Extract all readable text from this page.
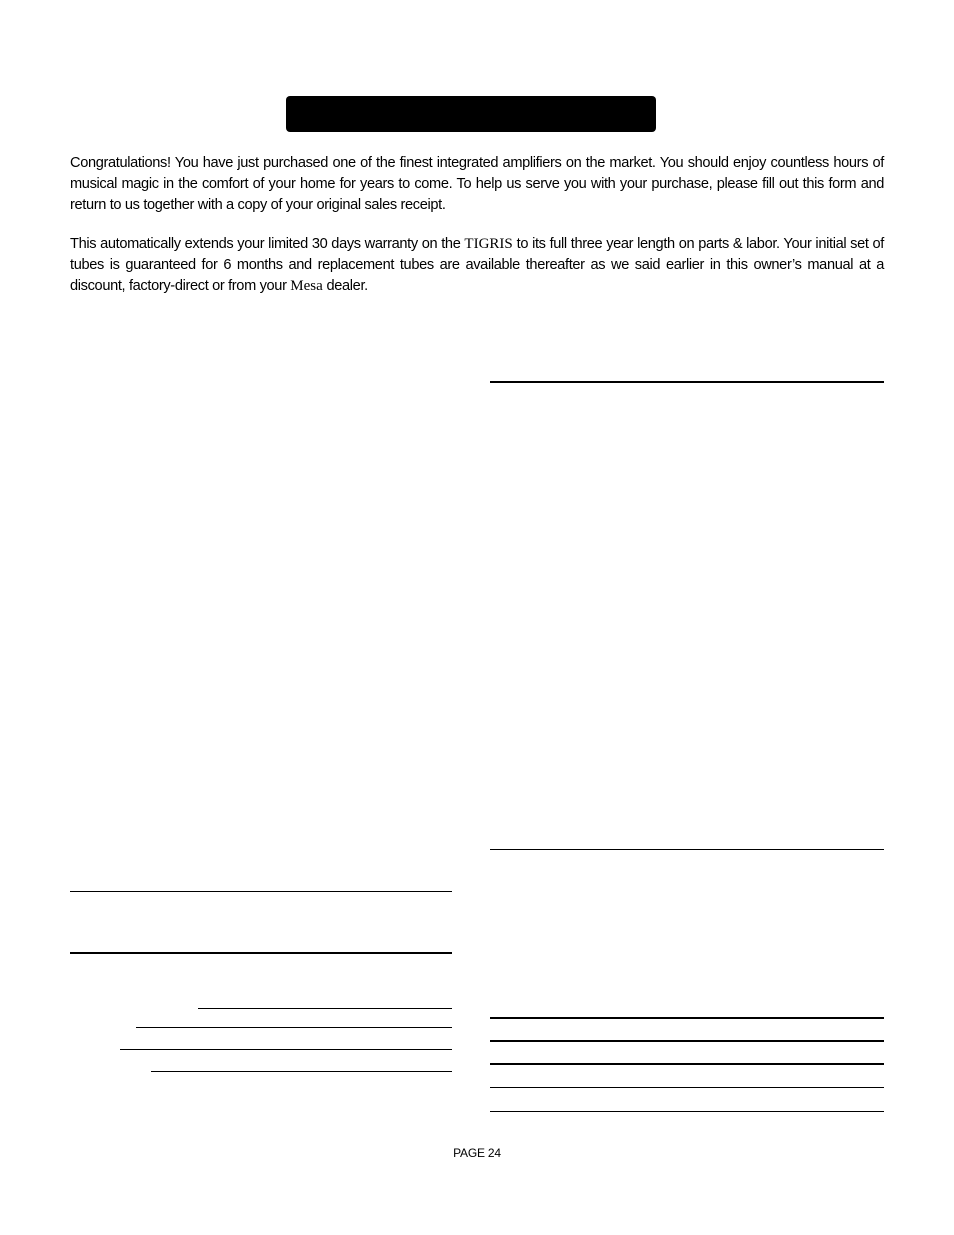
Congratulations! You have just purchased one of the finest integrated amplifiers on the market. You should enjoy countless hours of musical magic in the comfort of your home for years to come. To help us serve you with your purchase, please fill out this form and return to us together with a copy of your original sales receipt.

This automatically extends your limited 30 days warranty on the TIGRIS to its full three year length on parts & labor. Your initial set of tubes is guaranteed for 6 months and replacement tubes are available thereafter as we said earlier in this owner’s manual at a discount, factory-direct or from your Mesa dealer.

PAGE 24
